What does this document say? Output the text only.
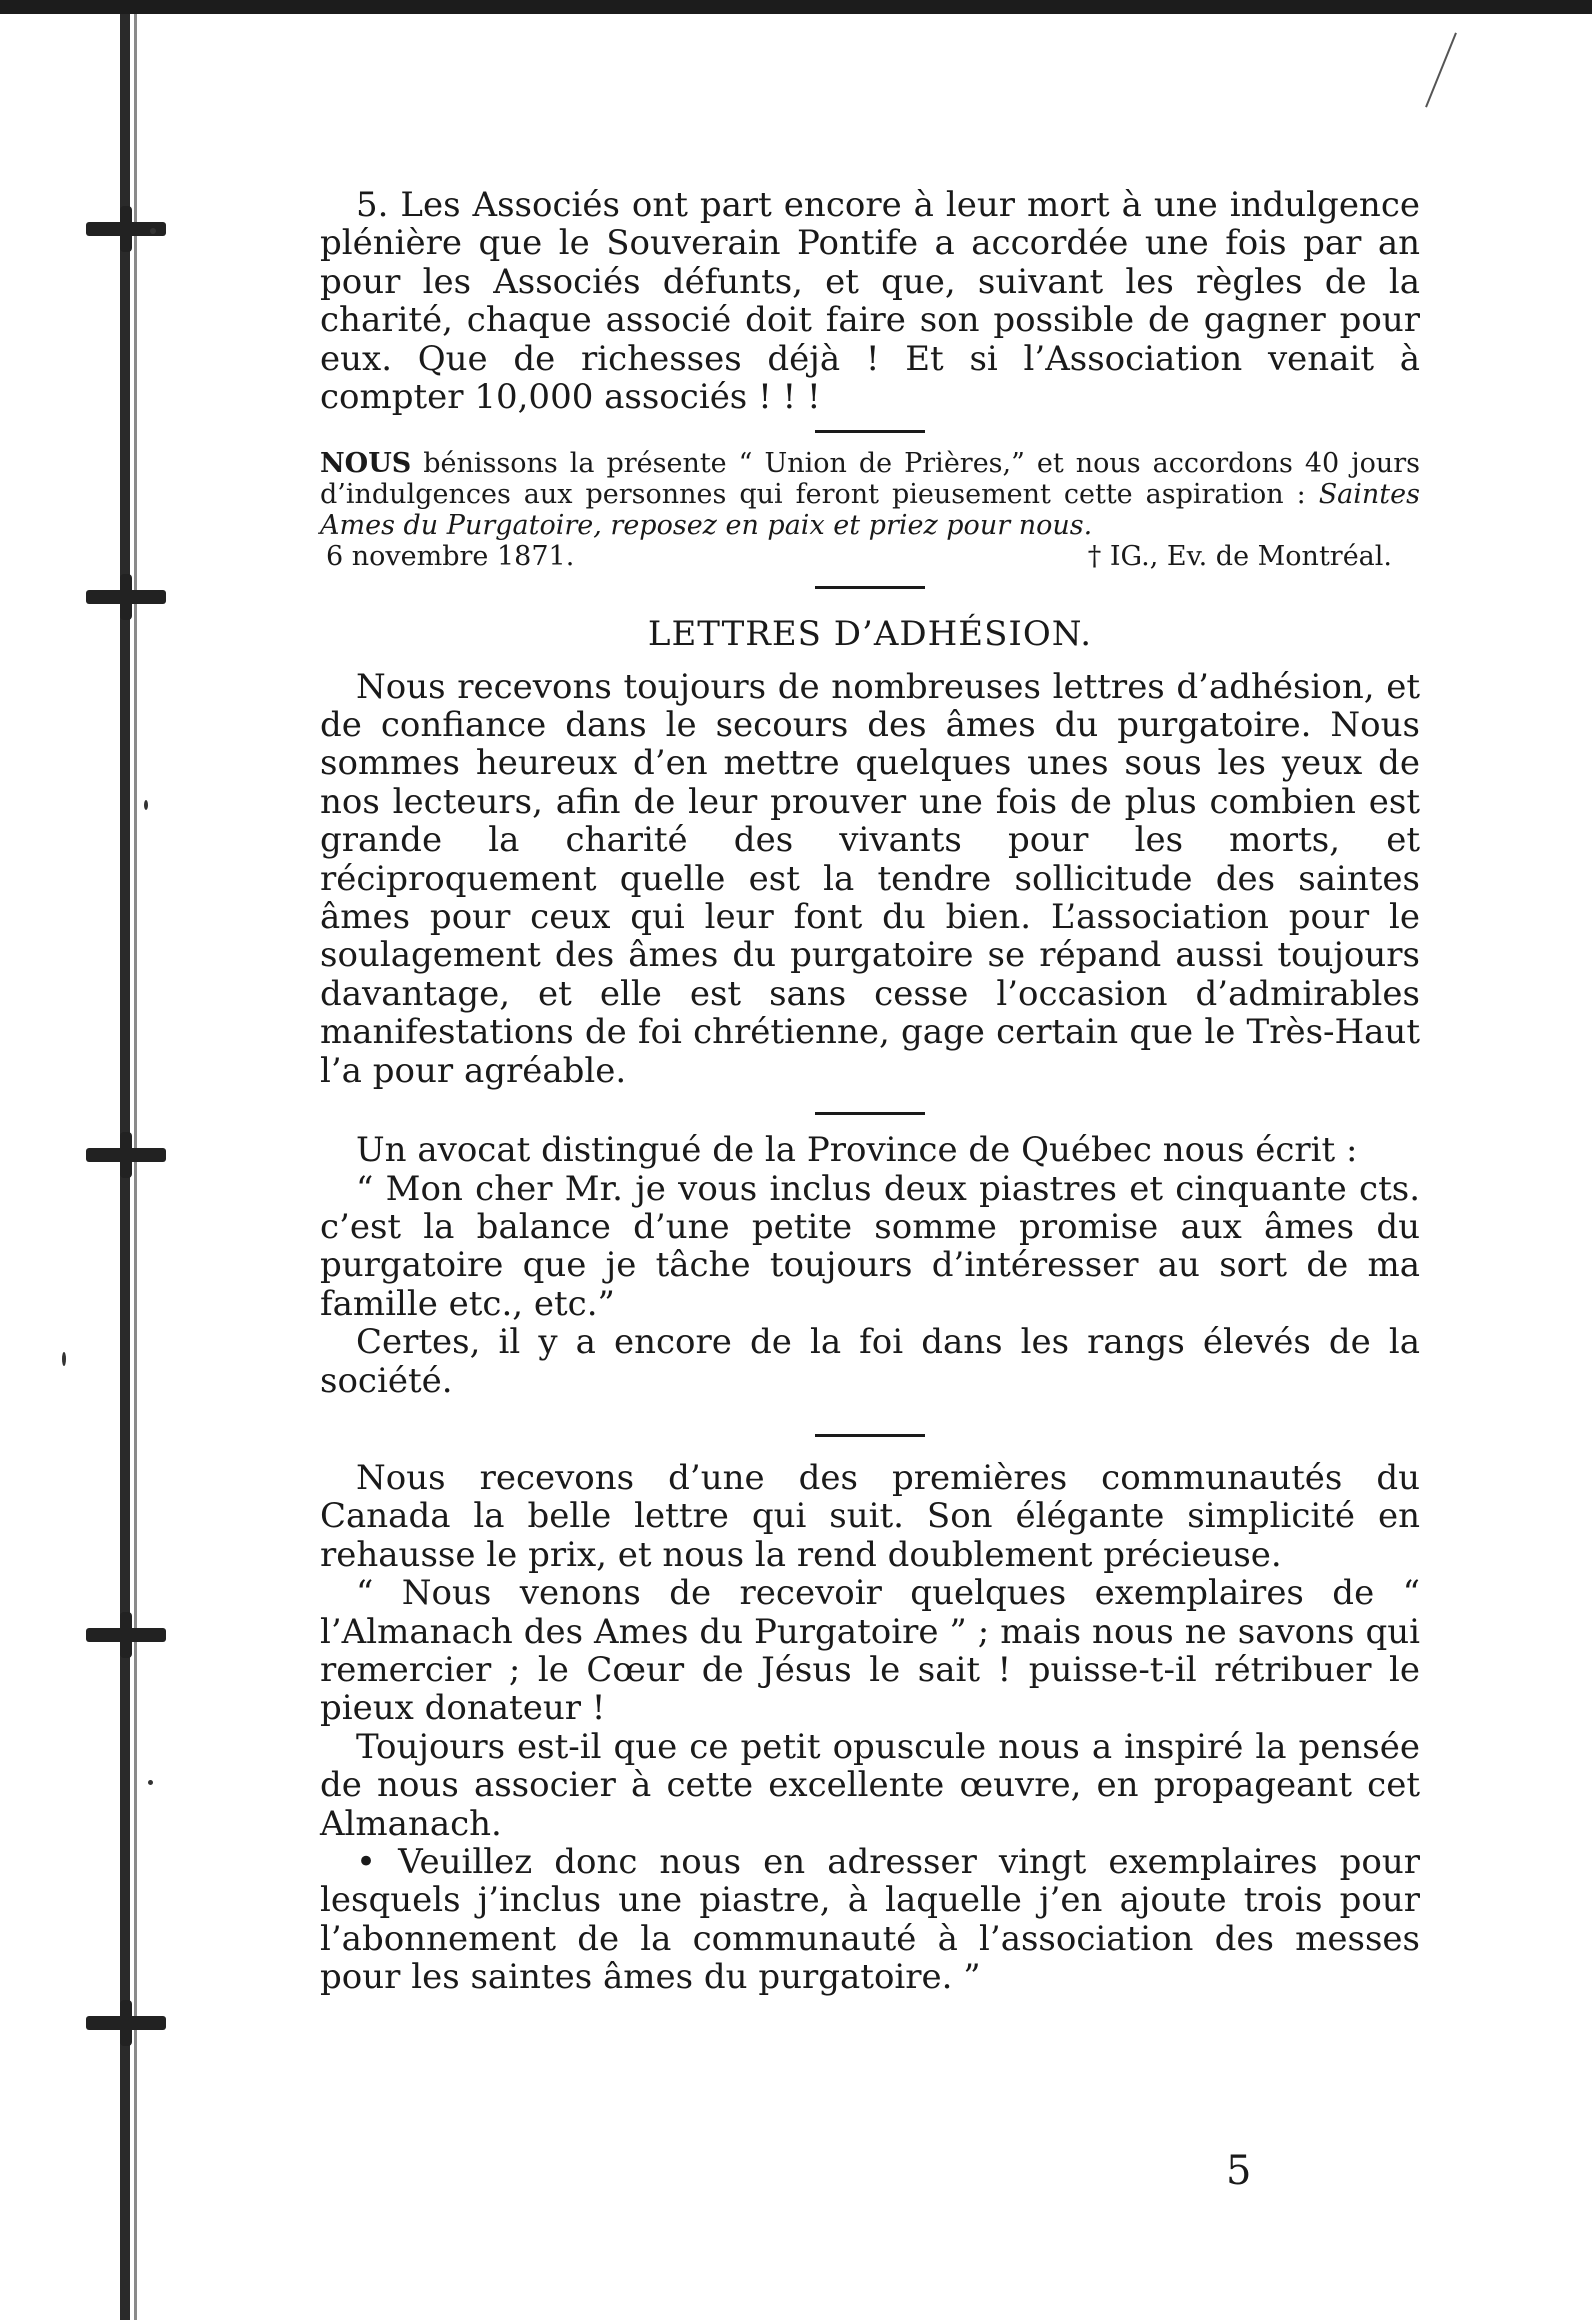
5. Les Associés ont part encore à leur mort à une indulgence plénière que le Souverain Pontife a accordée une fois par an pour les Associés défunts, et que, suivant les règles de la charité, chaque associé doit faire son possible de gagner pour eux. Que de richesses déjà ! Et si l’Association venait à compter 10,000 associés ! ! !

NOUS bénissons la présente “ Union de Prières,” et nous accordons 40 jours d’indulgences aux personnes qui feront pieusement cette aspiration : Saintes Ames du Purgatoire, reposez en paix et priez pour nous.
6 novembre 1871.	† IG., Ev. de Montréal.
LETTRES D’ADHÉSION.

Nous recevons toujours de nombreuses lettres d’adhésion, et de confiance dans le secours des âmes du purgatoire. Nous sommes heureux d’en mettre quelques unes sous les yeux de nos lecteurs, afin de leur prouver une fois de plus combien est grande la charité des vivants pour les morts, et réciproquement quelle est la tendre sollicitude des saintes âmes pour ceux qui leur font du bien. L’association pour le soulagement des âmes du purgatoire se répand aussi toujours davantage, et elle est sans cesse l’occasion d’admirables manifestations de foi chrétienne, gage certain que le Très-Haut l’a pour agréable.

Un avocat distingué de la Province de Québec nous écrit :

“ Mon cher Mr. je vous inclus deux piastres et cinquante cts. c’est la balance d’une petite somme promise aux âmes du purgatoire que je tâche toujours d’intéresser au sort de ma famille etc., etc.”

Certes, il y a encore de la foi dans les rangs élevés de la société.

Nous recevons d’une des premières communautés du Canada la belle lettre qui suit. Son élégante simplicité en rehausse le prix, et nous la rend doublement précieuse.

“ Nous venons de recevoir quelques exemplaires de “ l’Almanach des Ames du Purgatoire ” ; mais nous ne savons qui remercier ; le Cœur de Jésus le sait ! puisse-t-il rétribuer le pieux donateur !

Toujours est-il que ce petit opuscule nous a inspiré la pensée de nous associer à cette excellente œuvre, en propageant cet Almanach.

• Veuillez donc nous en adresser vingt exemplaires pour lesquels j’inclus une piastre, à laquelle j’en ajoute trois pour l’abonnement de la communauté à l’association des messes pour les saintes âmes du purgatoire. ”

5
